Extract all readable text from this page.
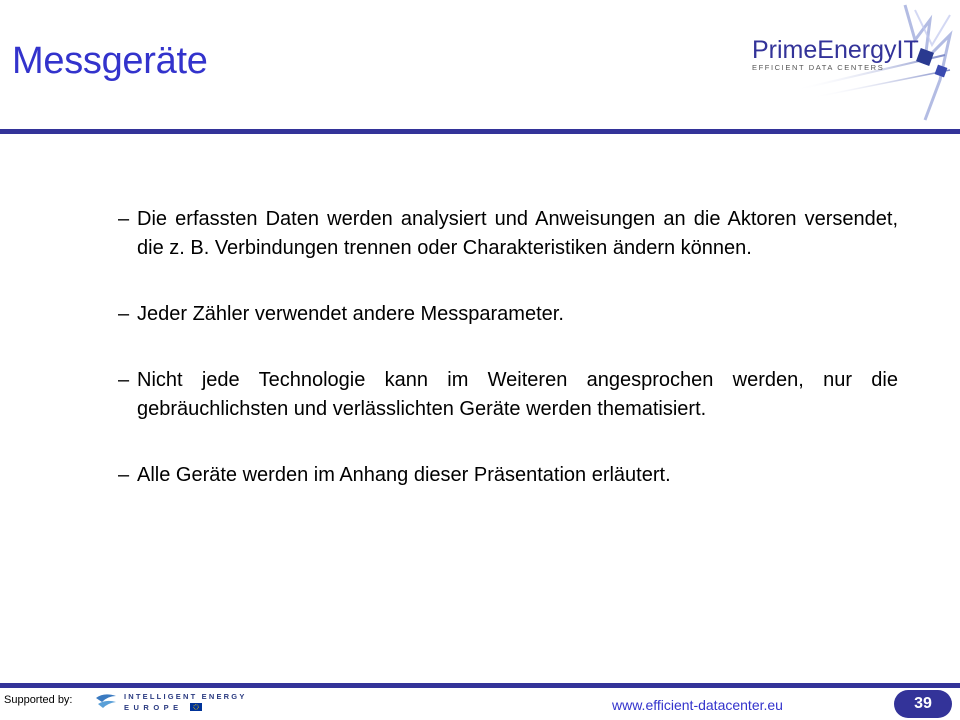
Messgeräte	PrimeEnergyIT
EFFICIENT DATA CENTERS
– Die erfassten Daten werden analysiert und Anweisungen an die Aktoren versendet, die z. B. Verbindungen trennen oder Charakteristiken ändern können.
– Jeder Zähler verwendet andere Messparameter.
– Nicht jede Technologie kann im Weiteren angesprochen werden, nur die gebräuchlichsten und verlässlichten Geräte werden thematisiert.
– Alle Geräte werden im Anhang dieser Präsentation erläutert.
Supported by:	INTELLIGENT ENERGY
EUROPE	www.efficient-datacenter.eu	39
